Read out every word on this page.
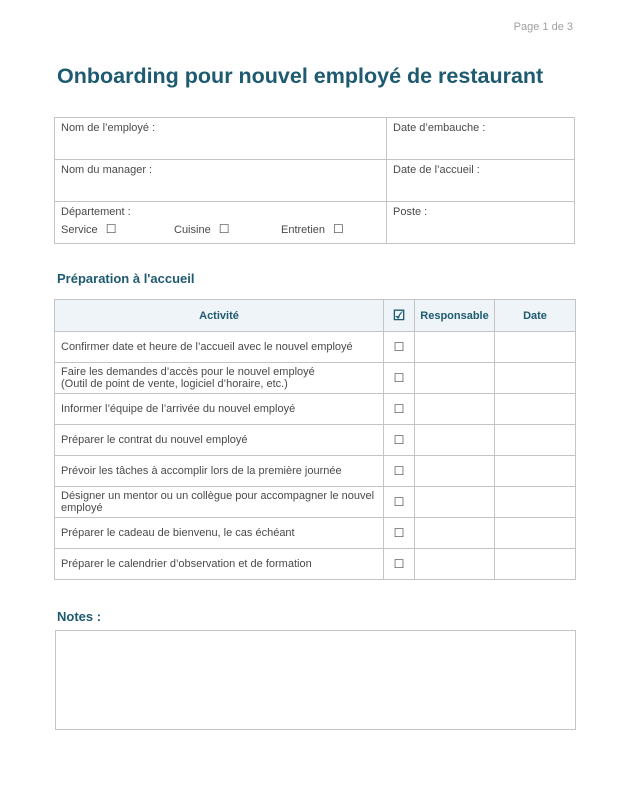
Page 1 de 3
Onboarding pour nouvel employé de restaurant
Nom de l’employé :	Date d’embauche :

Nom du manager :	Date de l’accueil :

Département :
Service ☐ Cuisine ☐ Entretien ☐	Poste :
Préparation à l'accueil
Activité	☑	Responsable	Date

Confirmer date et heure de l’accueil avec le nouvel employé	☐		

Faire les demandes d’accès pour le nouvel employé
(Outil de point de vente, logiciel d’horaire, etc.)	☐		

Informer l’équipe de l’arrivée du nouvel employé	☐		

Préparer le contrat du nouvel employé	☐		

Prévoir les tâches à accomplir lors de la première journée	☐		

Désigner un mentor ou un collègue pour accompagner le nouvel
employé	☐		

Préparer le cadeau de bienvenu, le cas échéant	☐		

Préparer le calendrier d’observation et de formation	☐		
Notes :
